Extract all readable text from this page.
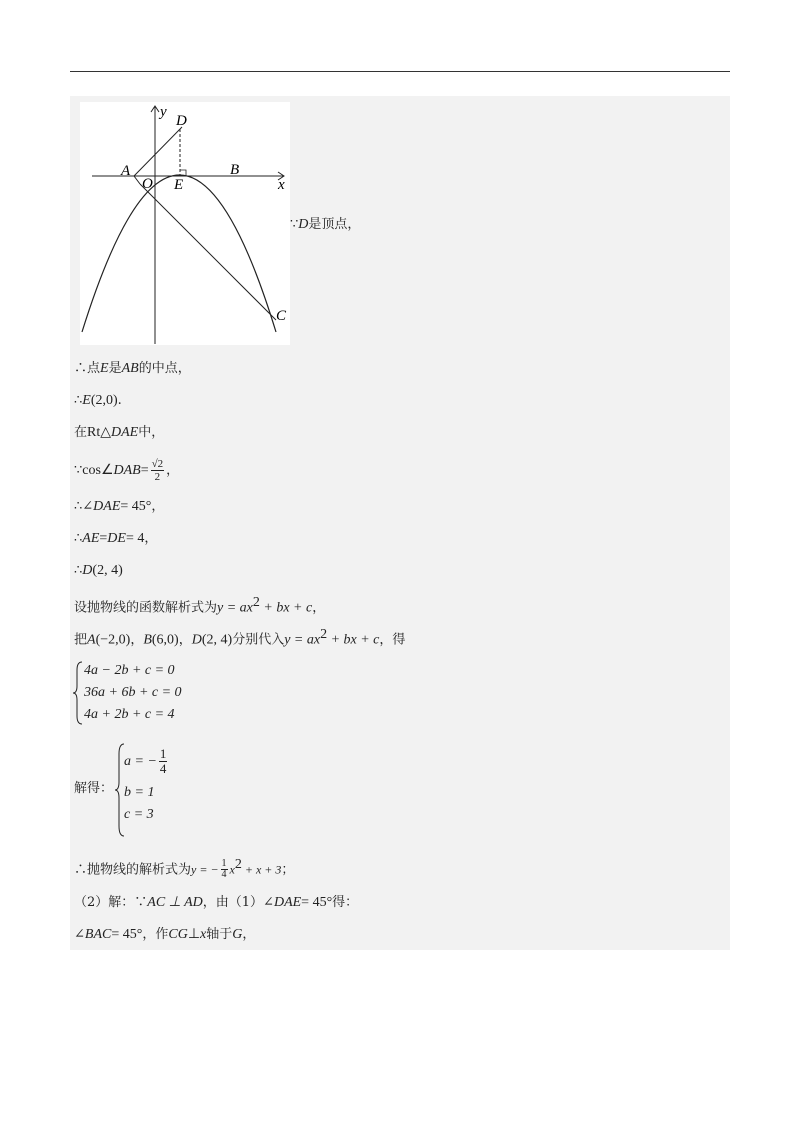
y
D
A
O E
B
x
C
∵D是顶点，
∴点E是AB的中点，
∴E(2,0).
在Rt△DAE中，
∵cos∠DAB= $\frac{√2}{2}$ ，
∴∠DAE= 45°，
∴AE=DE= 4，
∴D(2, 4)
设抛物线的函数解析式为$y = ax^2$ + bx + c，
把A(−2,0)，B(6,0)，D(2, 4)分别代入$y = ax^2$ + bx + c，得
4a − 2b + c = 0
36a + 6b + c = 0
4a + 2b + c = 4
解得：
a = − $\frac{1}{4}$
b = 1
c = 3
∴抛物线的解析式为y = − $\frac{1}{4} x^2 + x + 3$；
（2）解：∵AC ⊥ AD，由（1）∠DAE= 45°得：
∠BAC= 45°，作CG⊥x轴于G，
